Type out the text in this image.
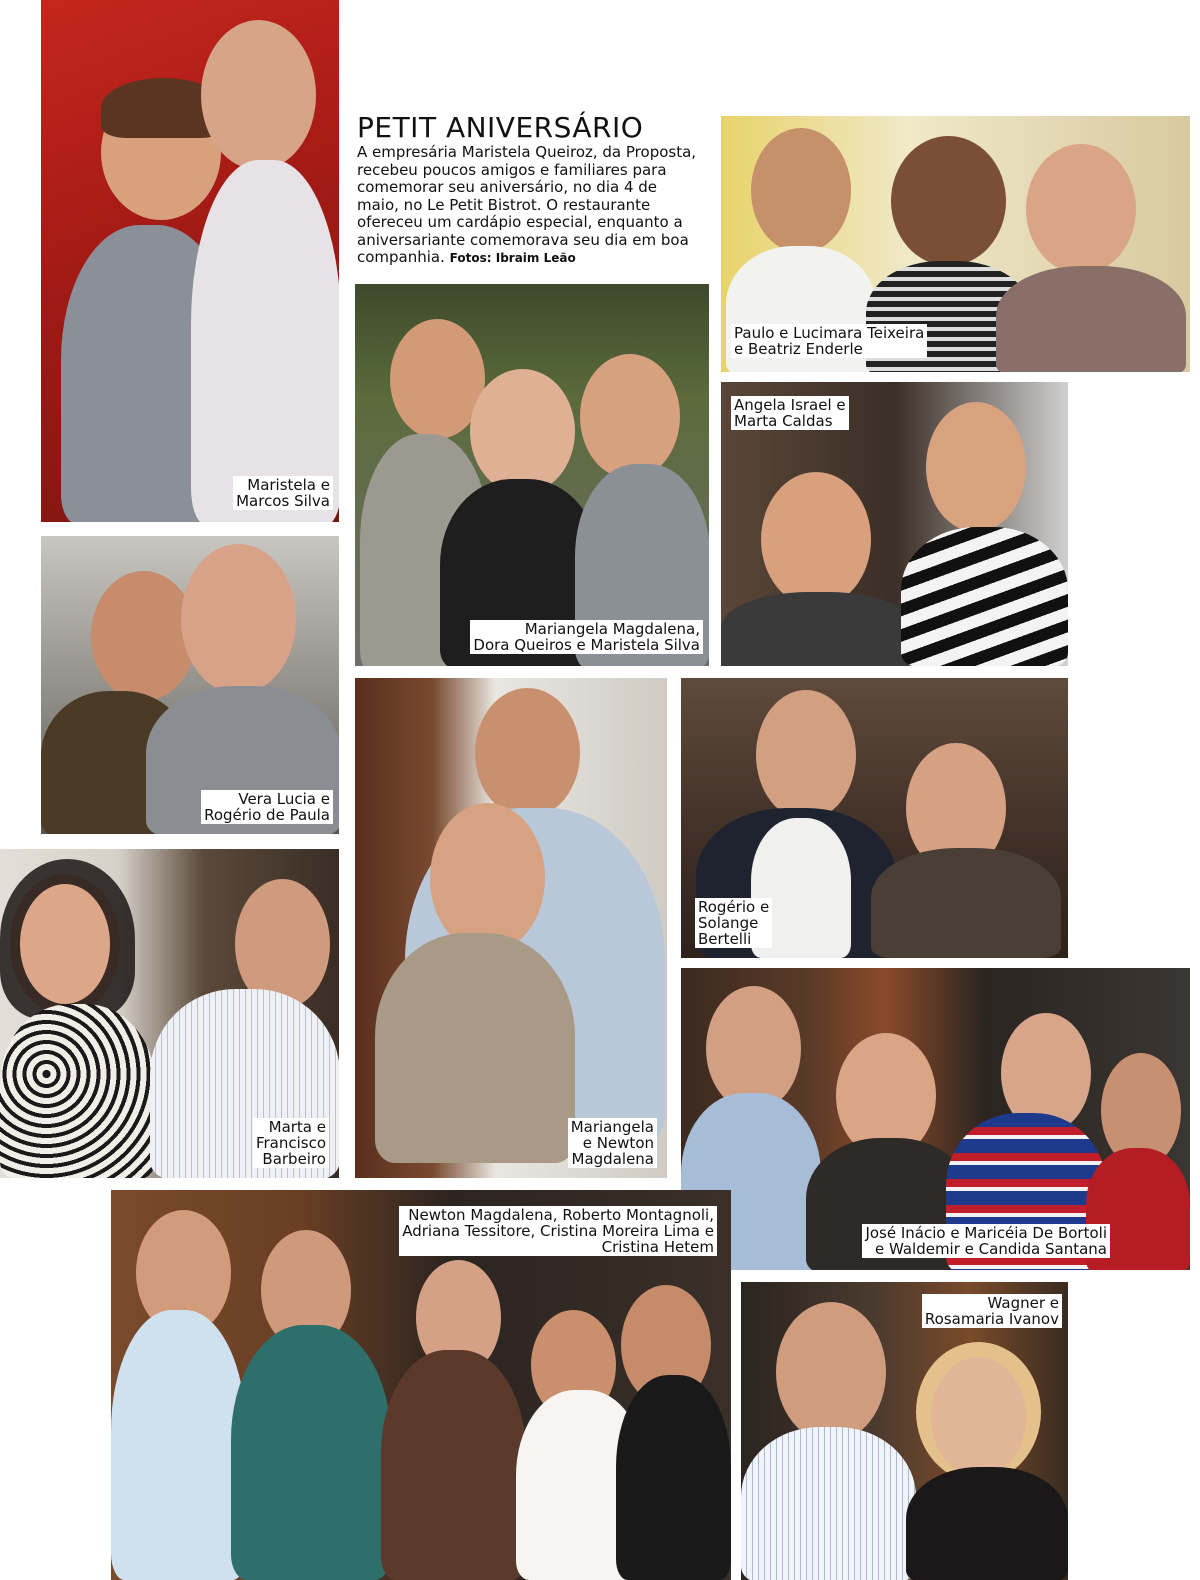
PETIT ANIVERSÁRIO

A empresária Maristela Queiroz, da Proposta, recebeu poucos amigos e familiares para comemorar seu aniversário, no dia 4 de maio, no Le Petit Bistrot. O restaurante ofereceu um cardápio especial, enquanto a aniversariante comemorava seu dia em boa companhia. Fotos: Ibraim Leão

Maristela e
Marcos Silva
Paulo e Lucimara Teixeira
e Beatriz Enderle
Mariangela Magdalena,
Dora Queiros e Maristela Silva
Angela Israel e
Marta Caldas
Vera Lucia e
Rogério de Paula
Mariangela
e Newton
Magdalena
Rogério e
Solange
Bertelli
Marta e
Francisco
Barbeiro
José Inácio e Maricéia De Bortoli
e Waldemir e Candida Santana
Newton Magdalena, Roberto Montagnoli,
Adriana Tessitore, Cristina Moreira Lima e
Cristina Hetem
Wagner e
Rosamaria Ivanov
